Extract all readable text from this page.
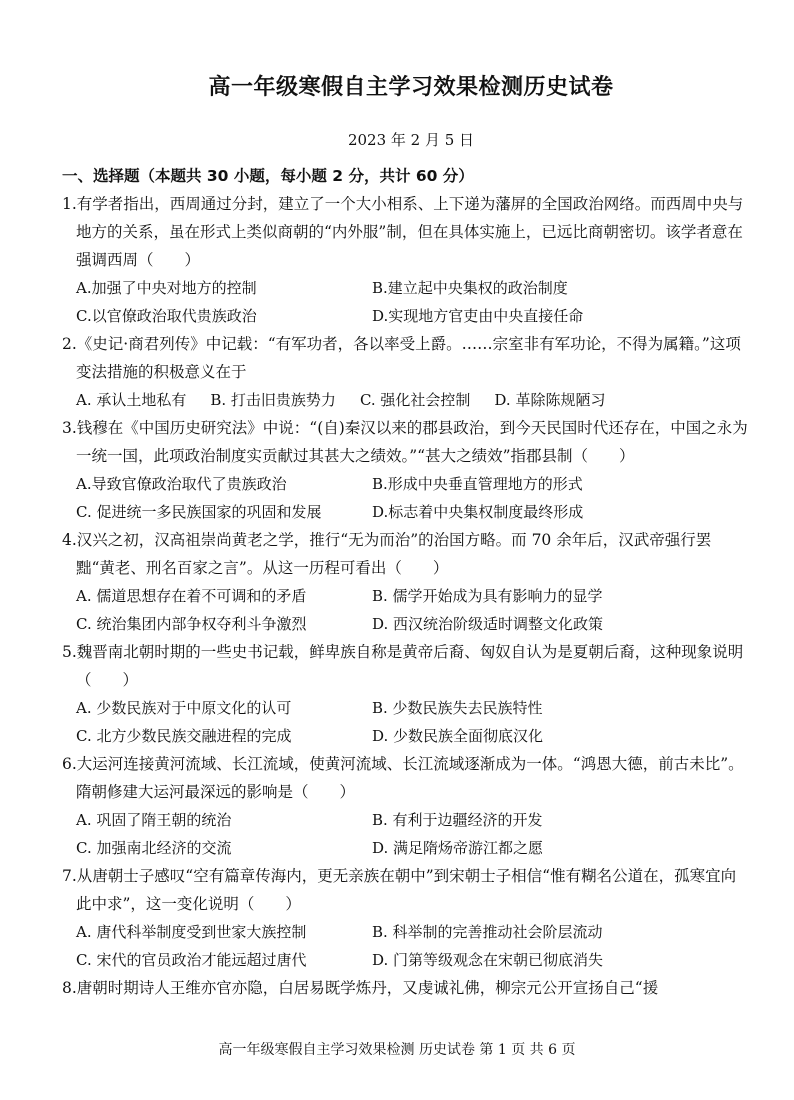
高一年级寒假自主学习效果检测历史试卷
2023 年 2 月 5 日
一、选择题（本题共 30 小题，每小题 2 分，共计 60 分）
1.有学者指出，西周通过分封，建立了一个大小相系、上下递为藩屏的全国政治网络。而西周中央与地方的关系，虽在形式上类似商朝的“内外服”制，但在具体实施上，已远比商朝密切。该学者意在强调西周（　　）
A.加强了中央对地方的控制	B.建立起中央集权的政治制度
C.以官僚政治取代贵族政治	D.实现地方官吏由中央直接任命
2.《史记·商君列传》中记载：“有军功者，各以率受上爵。……宗室非有军功论，不得为属籍。”这项变法措施的积极意义在于
A. 承认土地私有 B. 打击旧贵族势力 C. 强化社会控制 D. 革除陈规陋习
3.钱穆在《中国历史研究法》中说：“(自)秦汉以来的郡县政治，到今天民国时代还存在，中国之永为一统一国，此项政治制度实贡献过其甚大之绩效。”“甚大之绩效”指郡县制（　　）
A.导致官僚政治取代了贵族政治	B.形成中央垂直管理地方的形式
C. 促进统一多民族国家的巩固和发展	D.标志着中央集权制度最终形成
4.汉兴之初，汉高祖崇尚黄老之学，推行“无为而治”的治国方略。而 70 余年后，汉武帝强行罢黜“黄老、刑名百家之言”。从这一历程可看出（　　）
A. 儒道思想存在着不可调和的矛盾	B. 儒学开始成为具有影响力的显学
C. 统治集团内部争权夺利斗争激烈	D. 西汉统治阶级适时调整文化政策
5.魏晋南北朝时期的一些史书记载，鲜卑族自称是黄帝后裔、匈奴自认为是夏朝后裔，这种现象说明（　　）
A. 少数民族对于中原文化的认可	B. 少数民族失去民族特性
C. 北方少数民族交融进程的完成	D. 少数民族全面彻底汉化
6.大运河连接黄河流域、长江流域，使黄河流域、长江流域逐渐成为一体。“鸿恩大德，前古未比”。隋朝修建大运河最深远的影响是（　　）
A. 巩固了隋王朝的统治	B. 有利于边疆经济的开发
C. 加强南北经济的交流	D. 满足隋炀帝游江都之愿
7.从唐朝士子感叹“空有篇章传海内，更无亲族在朝中”到宋朝士子相信“惟有糊名公道在，孤寒宜向此中求”，这一变化说明（　　）
A. 唐代科举制度受到世家大族控制	B. 科举制的完善推动社会阶层流动
C. 宋代的官员政治才能远超过唐代	D. 门第等级观念在宋朝已彻底消失
8.唐朝时期诗人王维亦官亦隐，白居易既学炼丹，又虔诚礼佛，柳宗元公开宣扬自己“援
高一年级寒假自主学习效果检测 历史试卷 第 1 页 共 6 页
